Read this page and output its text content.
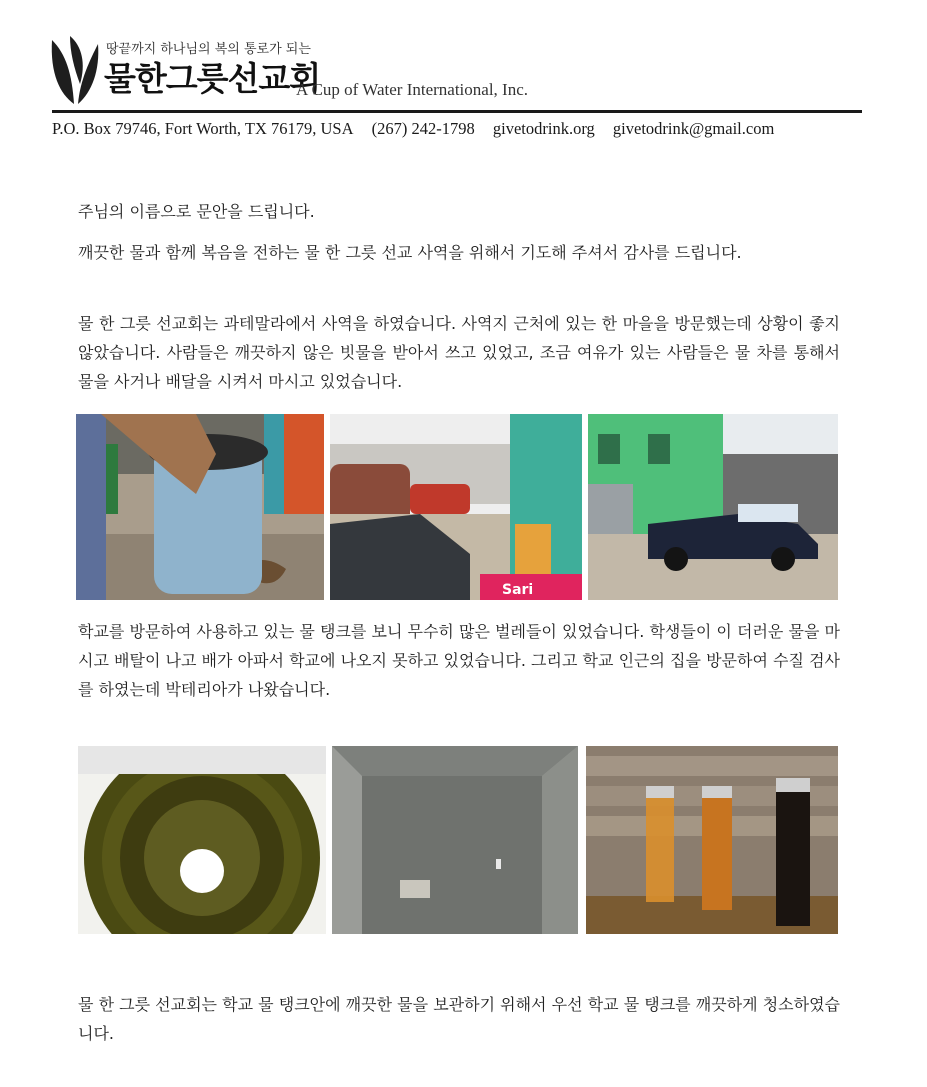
땅끝까지 하나님의 복의 통로가 되는
물한그릇선교회
A Cup of Water International, Inc.
P.O. Box 79746, Fort Worth, TX 76179, USA (267) 242-1798 givetodrink.org givetodrink@gmail.com
주님의 이름으로 문안을 드립니다.
깨끗한 물과 함께 복음을 전하는 물 한 그릇 선교 사역을 위해서 기도해 주셔서 감사를 드립니다.
물 한 그릇 선교회는 과테말라에서 사역을 하였습니다. 사역지 근처에 있는 한 마을을 방문했는데 상황이 좋지 않았습니다. 사람들은 깨끗하지 않은 빗물을 받아서 쓰고 있었고, 조금 여유가 있는 사람들은 물 차를 통해서 물을 사거나 배달을 시켜서 마시고 있었습니다.
Sari
학교를 방문하여 사용하고 있는 물 탱크를 보니 무수히 많은 벌레들이 있었습니다. 학생들이 이 더러운 물을 마시고 배탈이 나고 배가 아파서 학교에 나오지 못하고 있었습니다. 그리고 학교 인근의 집을 방문하여 수질 검사를 하였는데 박테리아가 나왔습니다.
물 한 그릇 선교회는 학교 물 탱크안에 깨끗한 물을 보관하기 위해서 우선 학교 물 탱크를 깨끗하게 청소하였습니다.
